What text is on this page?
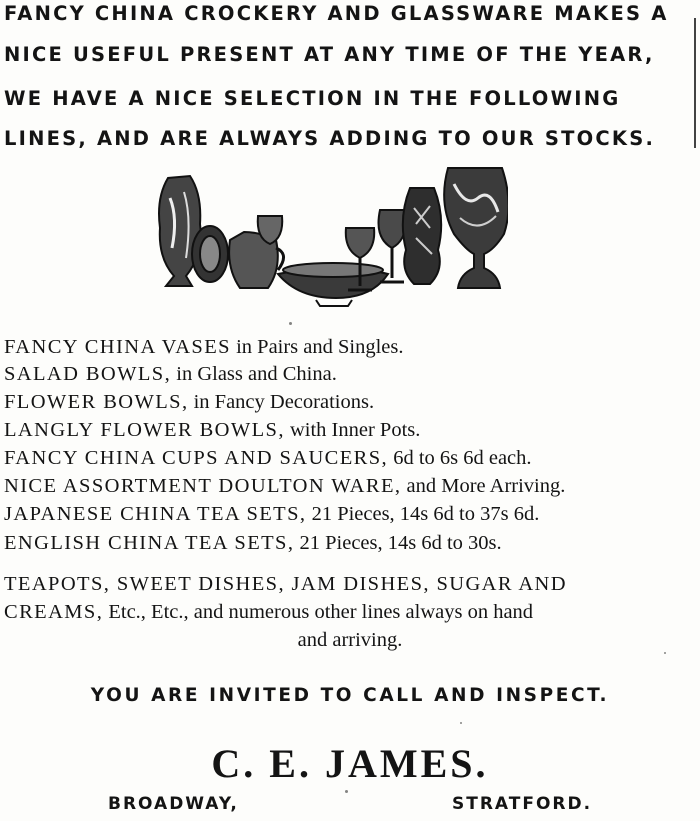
FANCY CHINA CROCKERY AND GLASSWARE MAKES A
NICE USEFUL PRESENT AT ANY TIME OF THE YEAR,
WE HAVE A NICE SELECTION IN THE FOLLOWING
LINES, AND ARE ALWAYS ADDING TO OUR STOCKS.
FANCY CHINA VASES in Pairs and Singles.
SALAD BOWLS, in Glass and China.
FLOWER BOWLS, in Fancy Decorations.
LANGLY FLOWER BOWLS, with Inner Pots.
FANCY CHINA CUPS AND SAUCERS, 6d to 6s 6d each.
NICE ASSORTMENT DOULTON WARE, and More Arriving.
JAPANESE CHINA TEA SETS, 21 Pieces, 14s 6d to 37s 6d.
ENGLISH CHINA TEA SETS, 21 Pieces, 14s 6d to 30s.
TEAPOTS, SWEET DISHES, JAM DISHES, SUGAR AND
CREAMS, Etc., Etc., and numerous other lines always on hand
and arriving.
YOU ARE INVITED TO CALL AND INSPECT.
C. E. JAMES.
BROADWAY,	STRATFORD.
